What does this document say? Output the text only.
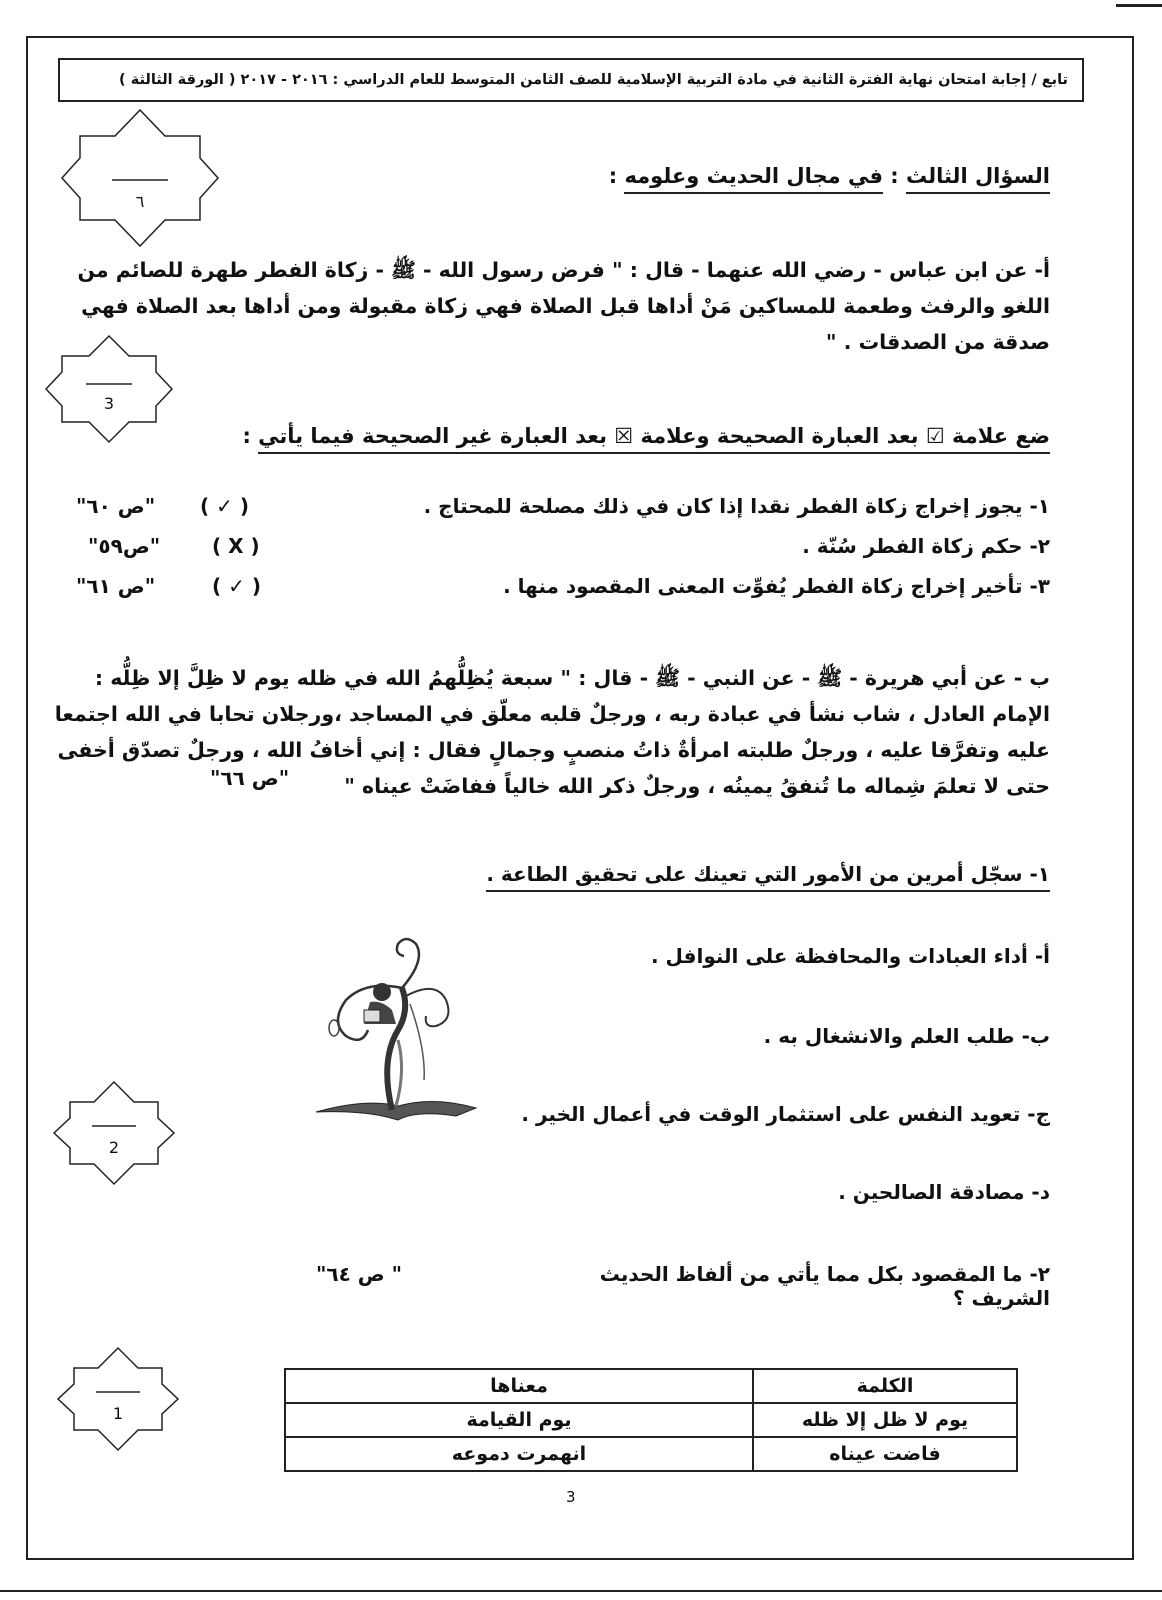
تابع / إجابة امتحان نهاية الفترة الثانية في مادة التربية الإسلامية للصف الثامن المتوسط للعام الدراسي : ٢٠١٦ - ٢٠١٧ ( الورقة الثالثة )
٦
السؤال الثالث : في مجال الحديث وعلومه :
أ- عن ابن عباس - رضي الله عنهما - قال : " فرض رسول الله - ﷺ - زكاة الفطر طهرة للصائم من اللغو والرفث وطعمة للمساكين مَنْ أداها قبل الصلاة فهي زكاة مقبولة ومن أداها بعد الصلاة فهي صدقة من الصدقات . "
3
ضع علامة ☑ بعد العبارة الصحيحة وعلامة ☒ بعد العبارة غير الصحيحة فيما يأتي :
١- يجوز إخراج زكاة الفطر نقدا إذا كان في ذلك مصلحة للمحتاج .
( ✓ )
"ص ٦٠"
٢- حكم زكاة الفطر سُنّة .
( X )
"ص٥٩"
٣- تأخير إخراج زكاة الفطر يُفوِّت المعنى المقصود منها .
( ✓ )
"ص ٦١"
ب - عن أبي هريرة - ﷺ - عن النبي - ﷺ - قال : " سبعة يُظِلُّهمُ الله في ظله يوم لا ظِلَّ إلا ظِلُّه : الإمام العادل ، شاب نشأ في عبادة ربه ، ورجلٌ قلبه معلّق في المساجد ،ورجلان تحابا في الله اجتمعا عليه وتفرَّقا عليه ، ورجلٌ طلبته امرأةٌ ذاتُ منصبٍ وجمالٍ فقال : إني أخافُ الله ، ورجلٌ تصدّق أخفى حتى لا تعلمَ شِماله ما تُنفقُ يمينُه ، ورجلٌ ذكر الله خالياً ففاضَتْ عيناه "
"ص ٦٦"
١- سجّل أمرين من الأمور التي تعينك على تحقيق الطاعة .
أ- أداء العبادات والمحافظة على النوافل .
ب- طلب العلم والانشغال به .
ج- تعويد النفس على استثمار الوقت في أعمال الخير .
د- مصادقة الصالحين .
2
٢- ما المقصود بكل مما يأتي من ألفاظ الحديث الشريف ؟
" ص ٦٤"
1
الكلمة	معناها
يوم لا ظل إلا ظله	يوم القيامة
فاضت عيناه	انهمرت دموعه
3
